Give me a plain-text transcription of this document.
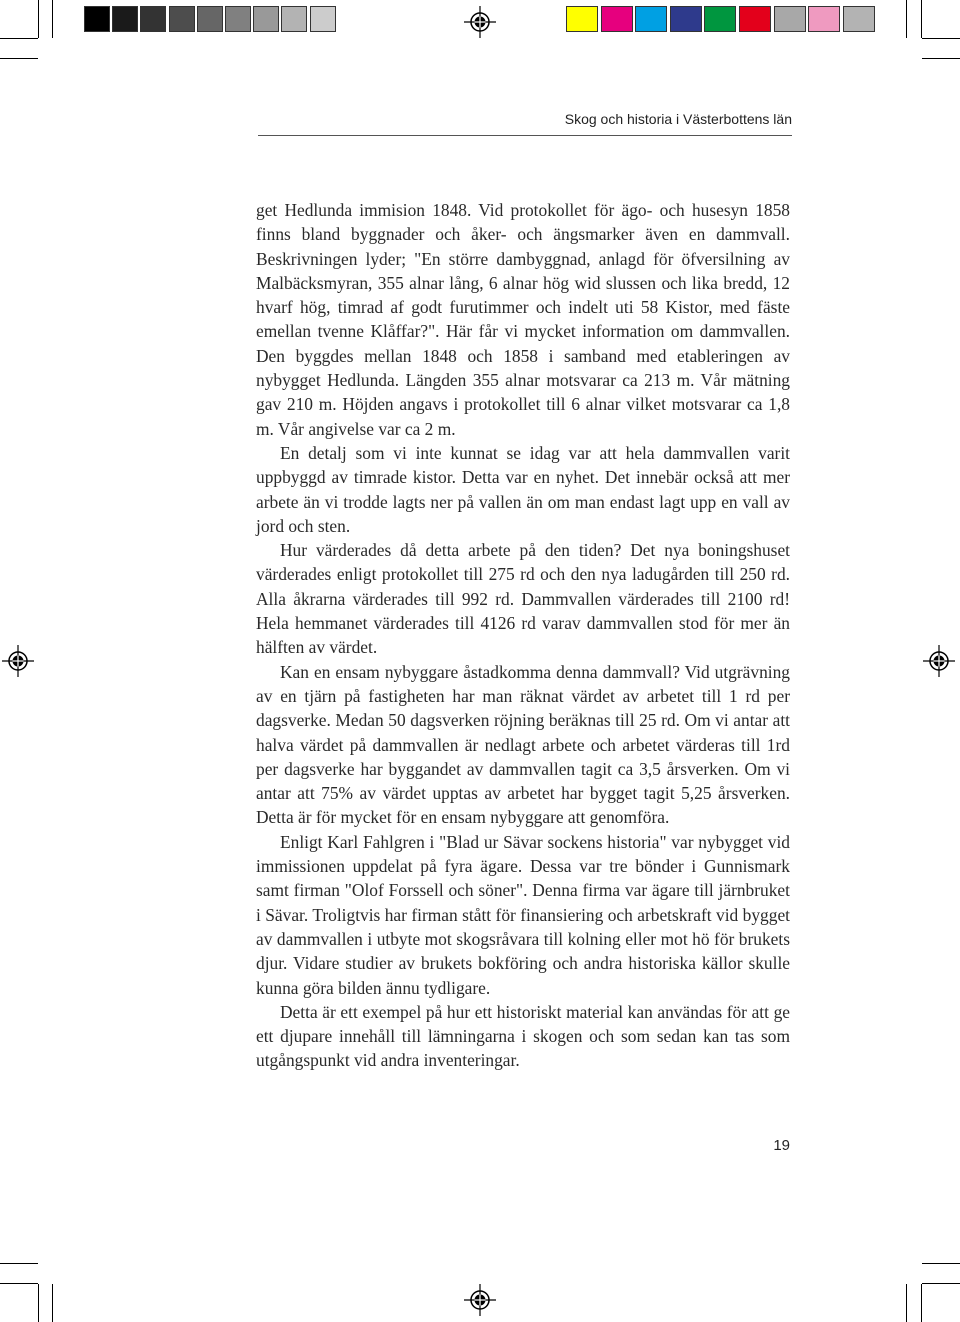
Skog och historia i Västerbottens län

get Hedlunda immision 1848. Vid protokollet för ägo- och husesyn 1858 finns bland byggnader och åker- och ängsmarker även en dammvall. Beskrivningen lyder; "En större dambyggnad, anlagd för öfversilning av Malbäcksmyran, 355 alnar lång, 6 alnar hög wid slussen och lika bredd, 12 hvarf hög, timrad af godt furutimmer och indelt uti 58 Kistor, med fäste emellan tvenne Klåffar?". Här får vi mycket information om dammvallen. Den byggdes mellan 1848 och 1858 i samband med etableringen av nybygget Hedlunda. Längden 355 alnar motsvarar ca 213 m. Vår mätning gav 210 m. Höjden angavs i protokollet till 6 alnar vilket motsvarar ca 1,8 m. Vår angivelse var ca 2 m.

En detalj som vi inte kunnat se idag var att hela dammvallen varit uppbyggd av timrade kistor. Detta var en nyhet. Det innebär också att mer arbete än vi trodde lagts ner på vallen än om man endast lagt upp en vall av jord och sten.

Hur värderades då detta arbete på den tiden? Det nya boningshuset värderades enligt protokollet till 275 rd och den nya ladugården till 250 rd. Alla åkrarna värderades till 992 rd. Dammvallen värderades till 2100 rd! Hela hemmanet värderades till 4126 rd varav dammvallen stod för mer än hälften av värdet.

Kan en ensam nybyggare åstadkomma denna dammvall? Vid utgrävning av en tjärn på fastigheten har man räknat värdet av arbetet till 1 rd per dagsverke. Medan 50 dagsverken röjning beräknas till 25 rd. Om vi antar att halva värdet på dammvallen är nedlagt arbete och arbetet värderas till 1rd per dagsverke har byggandet av dammvallen tagit ca 3,5 årsverken. Om vi antar att 75% av värdet upptas av arbetet har bygget tagit 5,25 årsverken. Detta är för mycket för en ensam nybyggare att genomföra.

Enligt Karl Fahlgren i "Blad ur Sävar sockens historia" var nybygget vid immissionen uppdelat på fyra ägare. Dessa var tre bönder i Gunnismark samt firman "Olof Forssell och söner". Denna firma var ägare till järnbruket i Sävar. Troligtvis har firman stått för finansiering och arbetskraft vid bygget av dammvallen i utbyte mot skogsråvara till kolning eller mot hö för brukets djur. Vidare studier av brukets bokföring och andra historiska källor skulle kunna göra bilden ännu tydligare.

Detta är ett exempel på hur ett historiskt material kan användas för att ge ett djupare innehåll till lämningarna i skogen och som sedan kan tas som utgångspunkt vid andra inventeringar.

19
